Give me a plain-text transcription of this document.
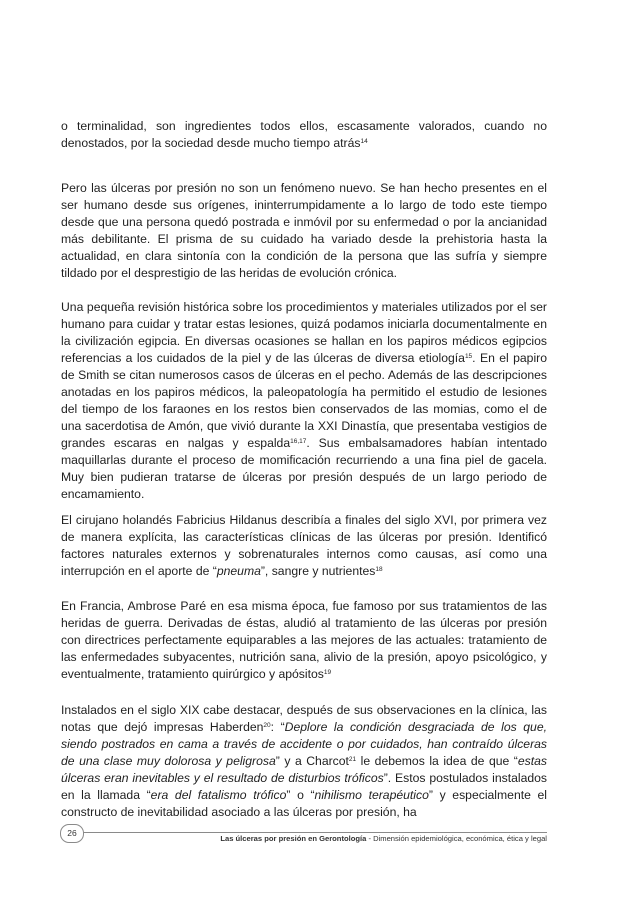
o terminalidad, son ingredientes todos ellos, escasamente valorados, cuando no denostados, por la sociedad desde mucho tiempo atrás$^{14}$

Pero las úlceras por presión no son un fenómeno nuevo. Se han hecho presentes en el ser humano desde sus orígenes, ininterrumpidamente a lo largo de todo este tiempo desde que una persona quedó postrada e inmóvil por su enfermedad o por la ancianidad más debilitante. El prisma de su cuidado ha variado desde la prehistoria hasta la actualidad, en clara sintonía con la condición de la persona que las sufría y siempre tildado por el desprestigio de las heridas de evolución crónica.

Una pequeña revisión histórica sobre los procedimientos y materiales utilizados por el ser humano para cuidar y tratar estas lesiones, quizá podamos iniciarla documentalmente en la civilización egipcia. En diversas ocasiones se hallan en los papiros médicos egipcios referencias a los cuidados de la piel y de las úlceras de diversa etiología$^{15}$. En el papiro de Smith se citan numerosos casos de úlceras en el pecho. Además de las descripciones anotadas en los papiros médicos, la paleopatología ha permitido el estudio de lesiones del tiempo de los faraones en los restos bien conservados de las momias, como el de una sacerdotisa de Amón, que vivió durante la XXI Dinastía, que presentaba vestigios de grandes escaras en nalgas y espalda$^{16,17}$. Sus embalsamadores habían intentado maquillarlas durante el proceso de momificación recurriendo a una fina piel de gacela. Muy bien pudieran tratarse de úlceras por presión después de un largo periodo de encamamiento.

El cirujano holandés Fabricius Hildanus describía a finales del siglo XVI, por primera vez de manera explícita, las características clínicas de las úlceras por presión. Identificó factores naturales externos y sobrenaturales internos como causas, así como una interrupción en el aporte de “pneuma”, sangre y nutrientes$^{18}$

En Francia, Ambrose Paré en esa misma época, fue famoso por sus tratamientos de las heridas de guerra. Derivadas de éstas, aludió al tratamiento de las úlceras por presión con directrices perfectamente equiparables a las mejores de las actuales: tratamiento de las enfermedades subyacentes, nutrición sana, alivio de la presión, apoyo psicológico, y eventualmente, tratamiento quirúrgico y apósitos$^{19}$

Instalados en el siglo XIX cabe destacar, después de sus observaciones en la clínica, las notas que dejó impresas Haberden$^{20}$: “Deplore la condición desgraciada de los que, siendo postrados en cama a través de accidente o por cuidados, han contraído úlceras de una clase muy dolorosa y peligrosa” y a Charcot$^{21}$ le debemos la idea de que “estas úlceras eran inevitables y el resultado de disturbios tróficos”. Estos postulados instalados en la llamada “era del fatalismo trófico” o “nihilismo terapéutico” y especialmente el constructo de inevitabilidad asociado a las úlceras por presión, ha

26
Las úlceras por presión en Gerontología - Dimensión epidemiológica, económica, ética y legal
